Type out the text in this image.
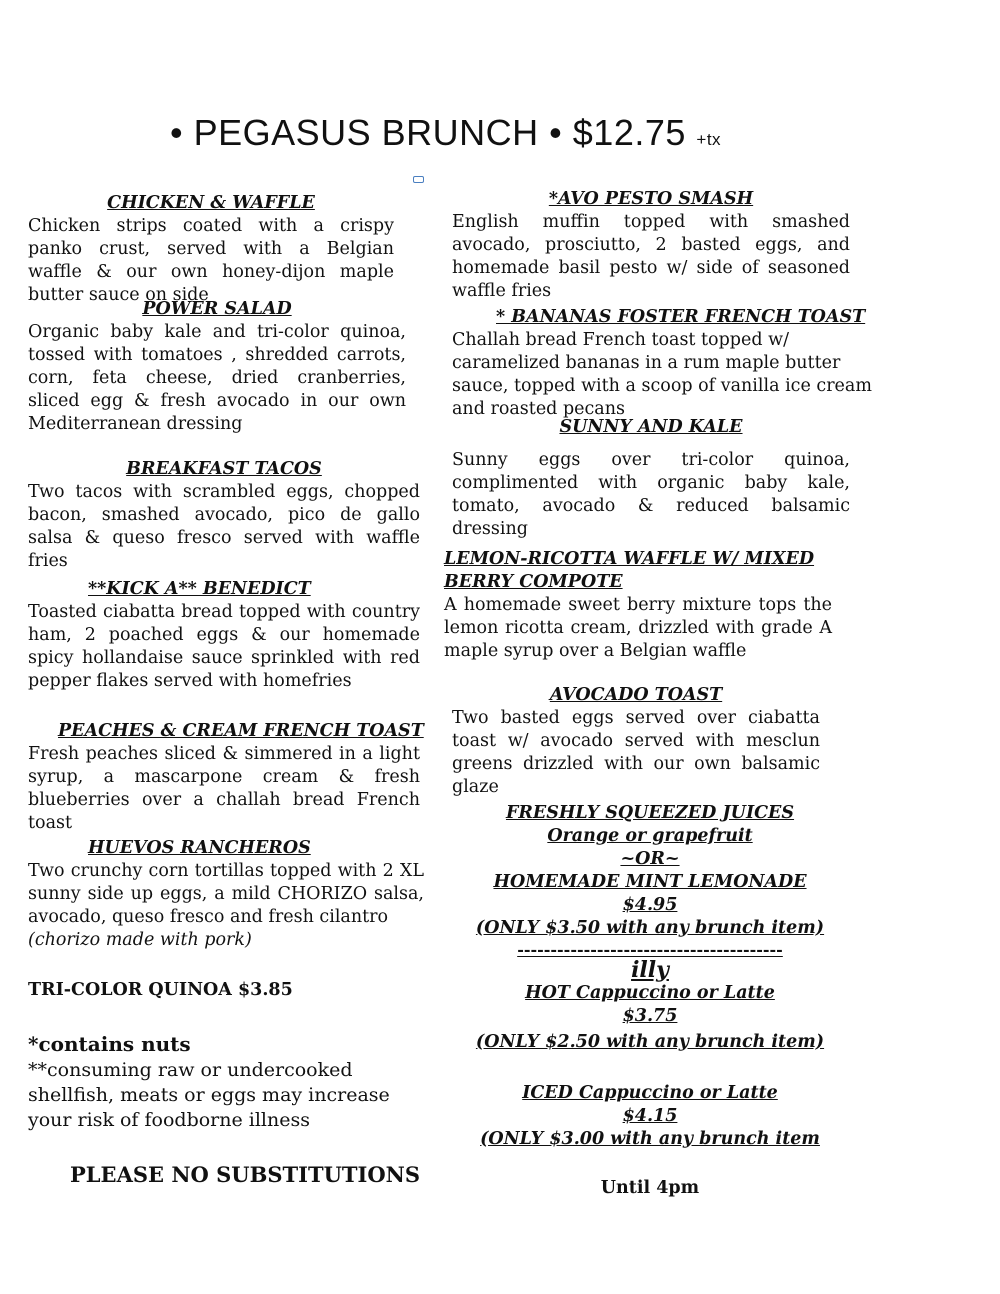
• PEGASUS BRUNCH • $12.75 +tx
CHICKEN & WAFFLE
Chicken strips coated with a crispy panko crust, served with a Belgian waffle & our own honey-dijon maple butter sauce on side
POWER SALAD
Organic baby kale and tri-color quinoa, tossed with tomatoes , shredded carrots, corn, feta cheese, dried cranberries, sliced egg & fresh avocado in our own Mediterranean dressing
BREAKFAST TACOS
Two tacos with scrambled eggs, chopped bacon, smashed avocado, pico de gallo salsa & queso fresco served with waffle fries
**KICK A** BENEDICT
Toasted ciabatta bread topped with country ham, 2 poached eggs & our homemade spicy hollandaise sauce sprinkled with red pepper flakes served with homefries
PEACHES & CREAM FRENCH TOAST
Fresh peaches sliced & simmered in a light syrup, a mascarpone cream & fresh blueberries over a challah bread French toast
HUEVOS RANCHEROS
Two crunchy corn tortillas topped with 2 XL sunny side up eggs, a mild CHORIZO salsa, avocado, queso fresco and fresh cilantro
(chorizo made with pork)
TRI-COLOR QUINOA $3.85
*contains nuts
**consuming raw or undercooked shellfish, meats or eggs may increase your risk of foodborne illness
PLEASE NO SUBSTITUTIONS
*AVO PESTO SMASH
English muffin topped with smashed avocado, prosciutto, 2 basted eggs, and homemade basil pesto w/ side of seasoned waffle fries
* BANANAS FOSTER FRENCH TOAST
Challah bread French toast topped w/ caramelized bananas in a rum maple butter sauce, topped with a scoop of vanilla ice cream and roasted pecans
SUNNY AND KALE
Sunny eggs over tri-color quinoa, complimented with organic baby kale, tomato, avocado & reduced balsamic dressing
LEMON-RICOTTA WAFFLE W/ MIXED BERRY COMPOTE
A homemade sweet berry mixture tops the lemon ricotta cream, drizzled with grade A maple syrup over a Belgian waffle
AVOCADO TOAST
Two basted eggs served over ciabatta toast w/ avocado served with mesclun greens drizzled with our own balsamic glaze
FRESHLY SQUEEZED JUICES
Orange or grapefruit
~OR~
HOMEMADE MINT LEMONADE
$4.95
(ONLY $3.50 with any brunch item)
----------------------------------------
illy
HOT Cappuccino or Latte
$3.75
(ONLY $2.50 with any brunch item)
ICED Cappuccino or Latte
$4.15
(ONLY $3.00 with any brunch item
Until 4pm
